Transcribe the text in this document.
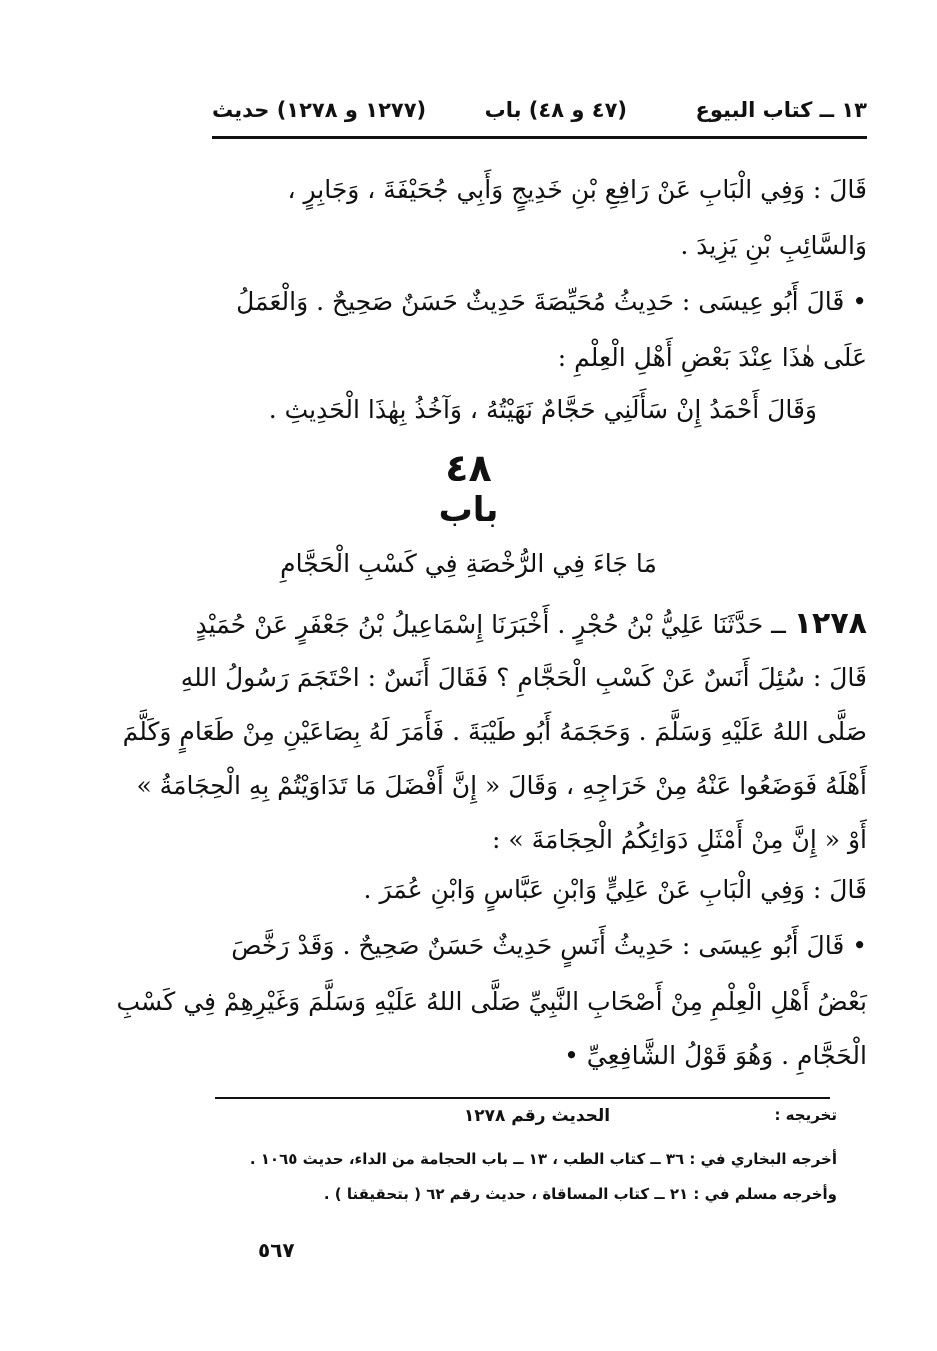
١٣ ــ كتاب البيوع
(٤٧ و ٤٨) باب
(١٢٧٧ و ١٢٧٨) حديث
قَالَ : وَفِي الْبَابِ عَنْ رَافِعِ بْنِ خَدِيجٍ وَأَبِي جُحَيْفَةَ ، وَجَابِرٍ ،
وَالسَّائِبِ بْنِ يَزِيدَ .
• قَالَ أَبُو عِيسَى : حَدِيثُ مُحَيِّصَةَ حَدِيثٌ حَسَنٌ صَحِيحٌ . وَالْعَمَلُ
عَلَى هٰذَا عِنْدَ بَعْضِ أَهْلِ الْعِلْمِ :
وَقَالَ أَحْمَدُ إِنْ سَأَلَنِي حَجَّامٌ نَهَيْتُهُ ، وَآخُذُ بِهٰذَا الْحَدِيثِ .
٤٨
باب
مَا جَاءَ فِي الرُّخْصَةِ فِي كَسْبِ الْحَجَّامِ
١٢٧٨ ــ حَدَّثَنَا عَلِيُّ بْنُ حُجْرٍ . أَخْبَرَنَا إِسْمَاعِيلُ بْنُ جَعْفَرٍ عَنْ حُمَيْدٍ
قَالَ : سُئِلَ أَنَسٌ عَنْ كَسْبِ الْحَجَّامِ ؟ فَقَالَ أَنَسٌ : احْتَجَمَ رَسُولُ اللهِ
صَلَّى اللهُ عَلَيْهِ وَسَلَّمَ . وَحَجَمَهُ أَبُو طَيْبَةَ . فَأَمَرَ لَهُ بِصَاعَيْنِ مِنْ طَعَامٍ وَكَلَّمَ
أَهْلَهُ فَوَضَعُوا عَنْهُ مِنْ خَرَاجِهِ ، وَقَالَ « إِنَّ أَفْضَلَ مَا تَدَاوَيْتُمْ بِهِ الْحِجَامَةُ »
أَوْ « إِنَّ مِنْ أَمْثَلِ دَوَائِكُمُ الْحِجَامَةَ » :
قَالَ : وَفِي الْبَابِ عَنْ عَلِيٍّ وَابْنِ عَبَّاسٍ وَابْنِ عُمَرَ .
• قَالَ أَبُو عِيسَى : حَدِيثُ أَنَسٍ حَدِيثٌ حَسَنٌ صَحِيحٌ . وَقَدْ رَخَّصَ
بَعْضُ أَهْلِ الْعِلْمِ مِنْ أَصْحَابِ النَّبِيِّ صَلَّى اللهُ عَلَيْهِ وَسَلَّمَ وَغَيْرِهِمْ فِي كَسْبِ
الْحَجَّامِ . وَهُوَ قَوْلُ الشَّافِعِيِّ •
تخريجه :
الحديث رقم ١٢٧٨
أخرجه البخاري في : ٣٦ ــ كتاب الطب ، ١٣ ــ باب الحجامة من الداء، حديث ١٠٦٥ .
وأخرجه مسلم في : ٢١ ــ كتاب المساقاة ، حديث رقم ٦٢ ( بتحقيقنا ) .
٥٦٧
